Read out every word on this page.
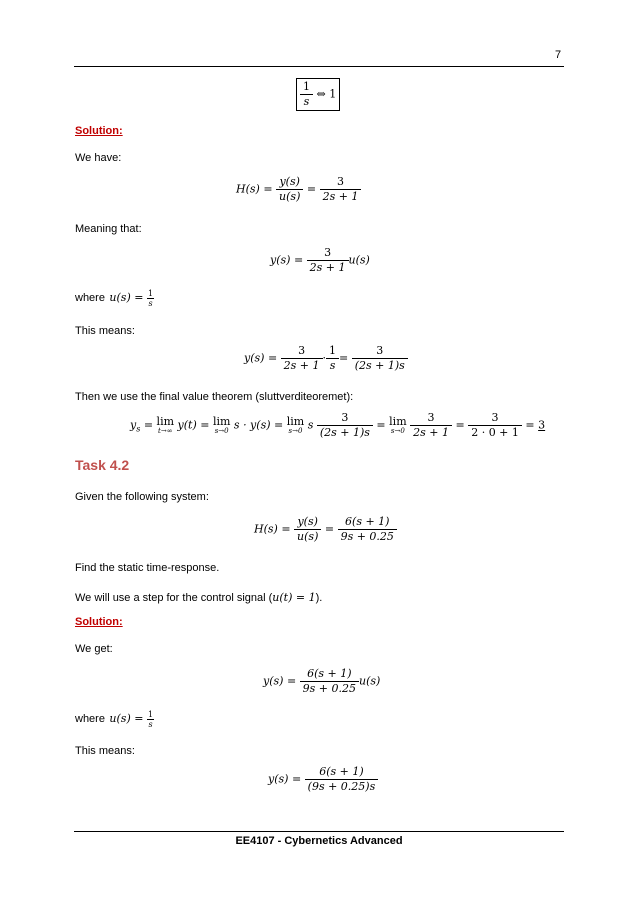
7
$\frac{1}{s}$ ⇔ 1
Solution:
We have:
$H(s) = \frac{y(s)}{u(s)} = \frac{3}{2s + 1}$
Meaning that:
$y(s) = \frac{3}{2s + 1} u(s)$
where $u(s) = \frac{1}{s}$
This means:
$y(s) = \frac{3}{2s + 1} \cdot \frac{1}{s} = \frac{3}{(2s + 1)s}$
Then we use the final value theorem (sluttverditeoremet):
$y_s = \lim$
t→∞ y(t) = lim
s→0 s · y(s) = lim
s→0 s $\frac{3}{(2s + 1)s} = \lim$
s→0
$\frac{3}{2s + 1} = \frac{3}{2 \cdot 0 + 1} = 3$
Task 4.2
Given the following system:
$H(s) = \frac{y(s)}{u(s)} = \frac{6(s + 1)}{9s + 0.25}$
Find the static time-response.
We will use a step for the control signal (u(t) = 1).
Solution:
We get:
$y(s) = \frac{6(s + 1)}{9s + 0.25} u(s)$
where $u(s) = \frac{1}{s}$
This means:
$y(s) = \frac{6(s + 1)}{(9s + 0.25)s}$
EE4107 - Cybernetics Advanced
